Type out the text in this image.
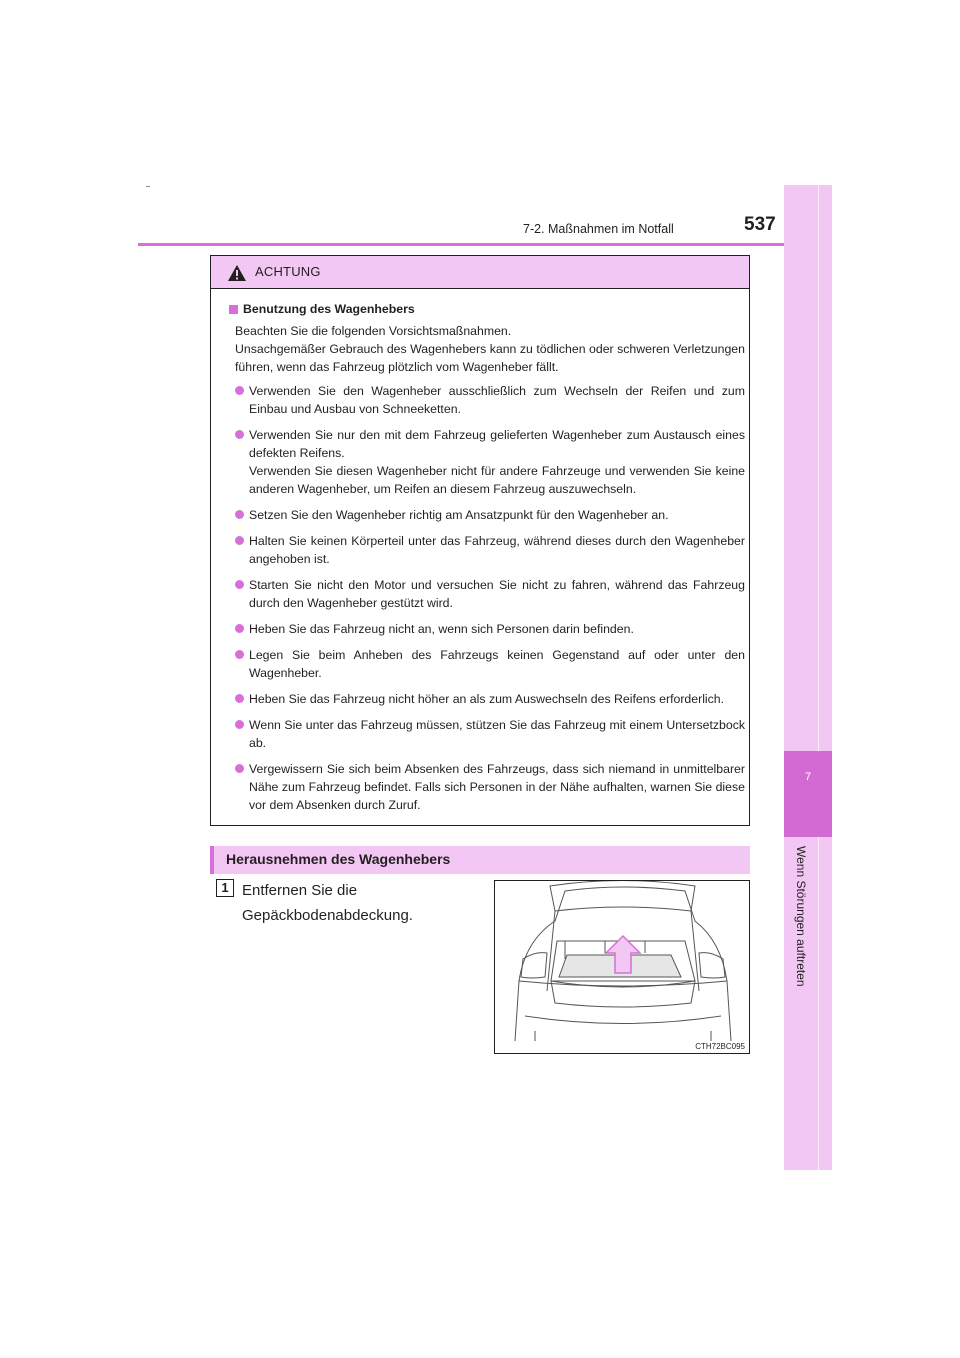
7-2. Maßnahmen im Notfall	537
7
Wenn Störungen auftreten
ACHTUNG
Benutzung des Wagenhebers
Beachten Sie die folgenden Vorsichtsmaßnahmen.
Unsachgemäßer Gebrauch des Wagenhebers kann zu tödlichen oder schweren Verletzungen führen, wenn das Fahrzeug plötzlich vom Wagenheber fällt.
Verwenden Sie den Wagenheber ausschließlich zum Wechseln der Reifen und zum Einbau und Ausbau von Schneeketten.
Verwenden Sie nur den mit dem Fahrzeug gelieferten Wagenheber zum Austausch eines defekten Reifens.
Verwenden Sie diesen Wagenheber nicht für andere Fahrzeuge und verwenden Sie keine anderen Wagenheber, um Reifen an diesem Fahrzeug auszuwechseln.
Setzen Sie den Wagenheber richtig am Ansatzpunkt für den Wagenheber an.
Halten Sie keinen Körperteil unter das Fahrzeug, während dieses durch den Wagenheber angehoben ist.
Starten Sie nicht den Motor und versuchen Sie nicht zu fahren, während das Fahrzeug durch den Wagenheber gestützt wird.
Heben Sie das Fahrzeug nicht an, wenn sich Personen darin befinden.
Legen Sie beim Anheben des Fahrzeugs keinen Gegenstand auf oder unter den Wagenheber.
Heben Sie das Fahrzeug nicht höher an als zum Auswechseln des Reifens erforderlich.
Wenn Sie unter das Fahrzeug müssen, stützen Sie das Fahrzeug mit einem Untersetzbock ab.
Vergewissern Sie sich beim Absenken des Fahrzeugs, dass sich niemand in unmittelbarer Nähe zum Fahrzeug befindet. Falls sich Personen in der Nähe aufhalten, warnen Sie diese vor dem Absenken durch Zuruf.
Herausnehmen des Wagenhebers
1 Entfernen Sie die Gepäckbodenabdeckung.
CTH72BC095
